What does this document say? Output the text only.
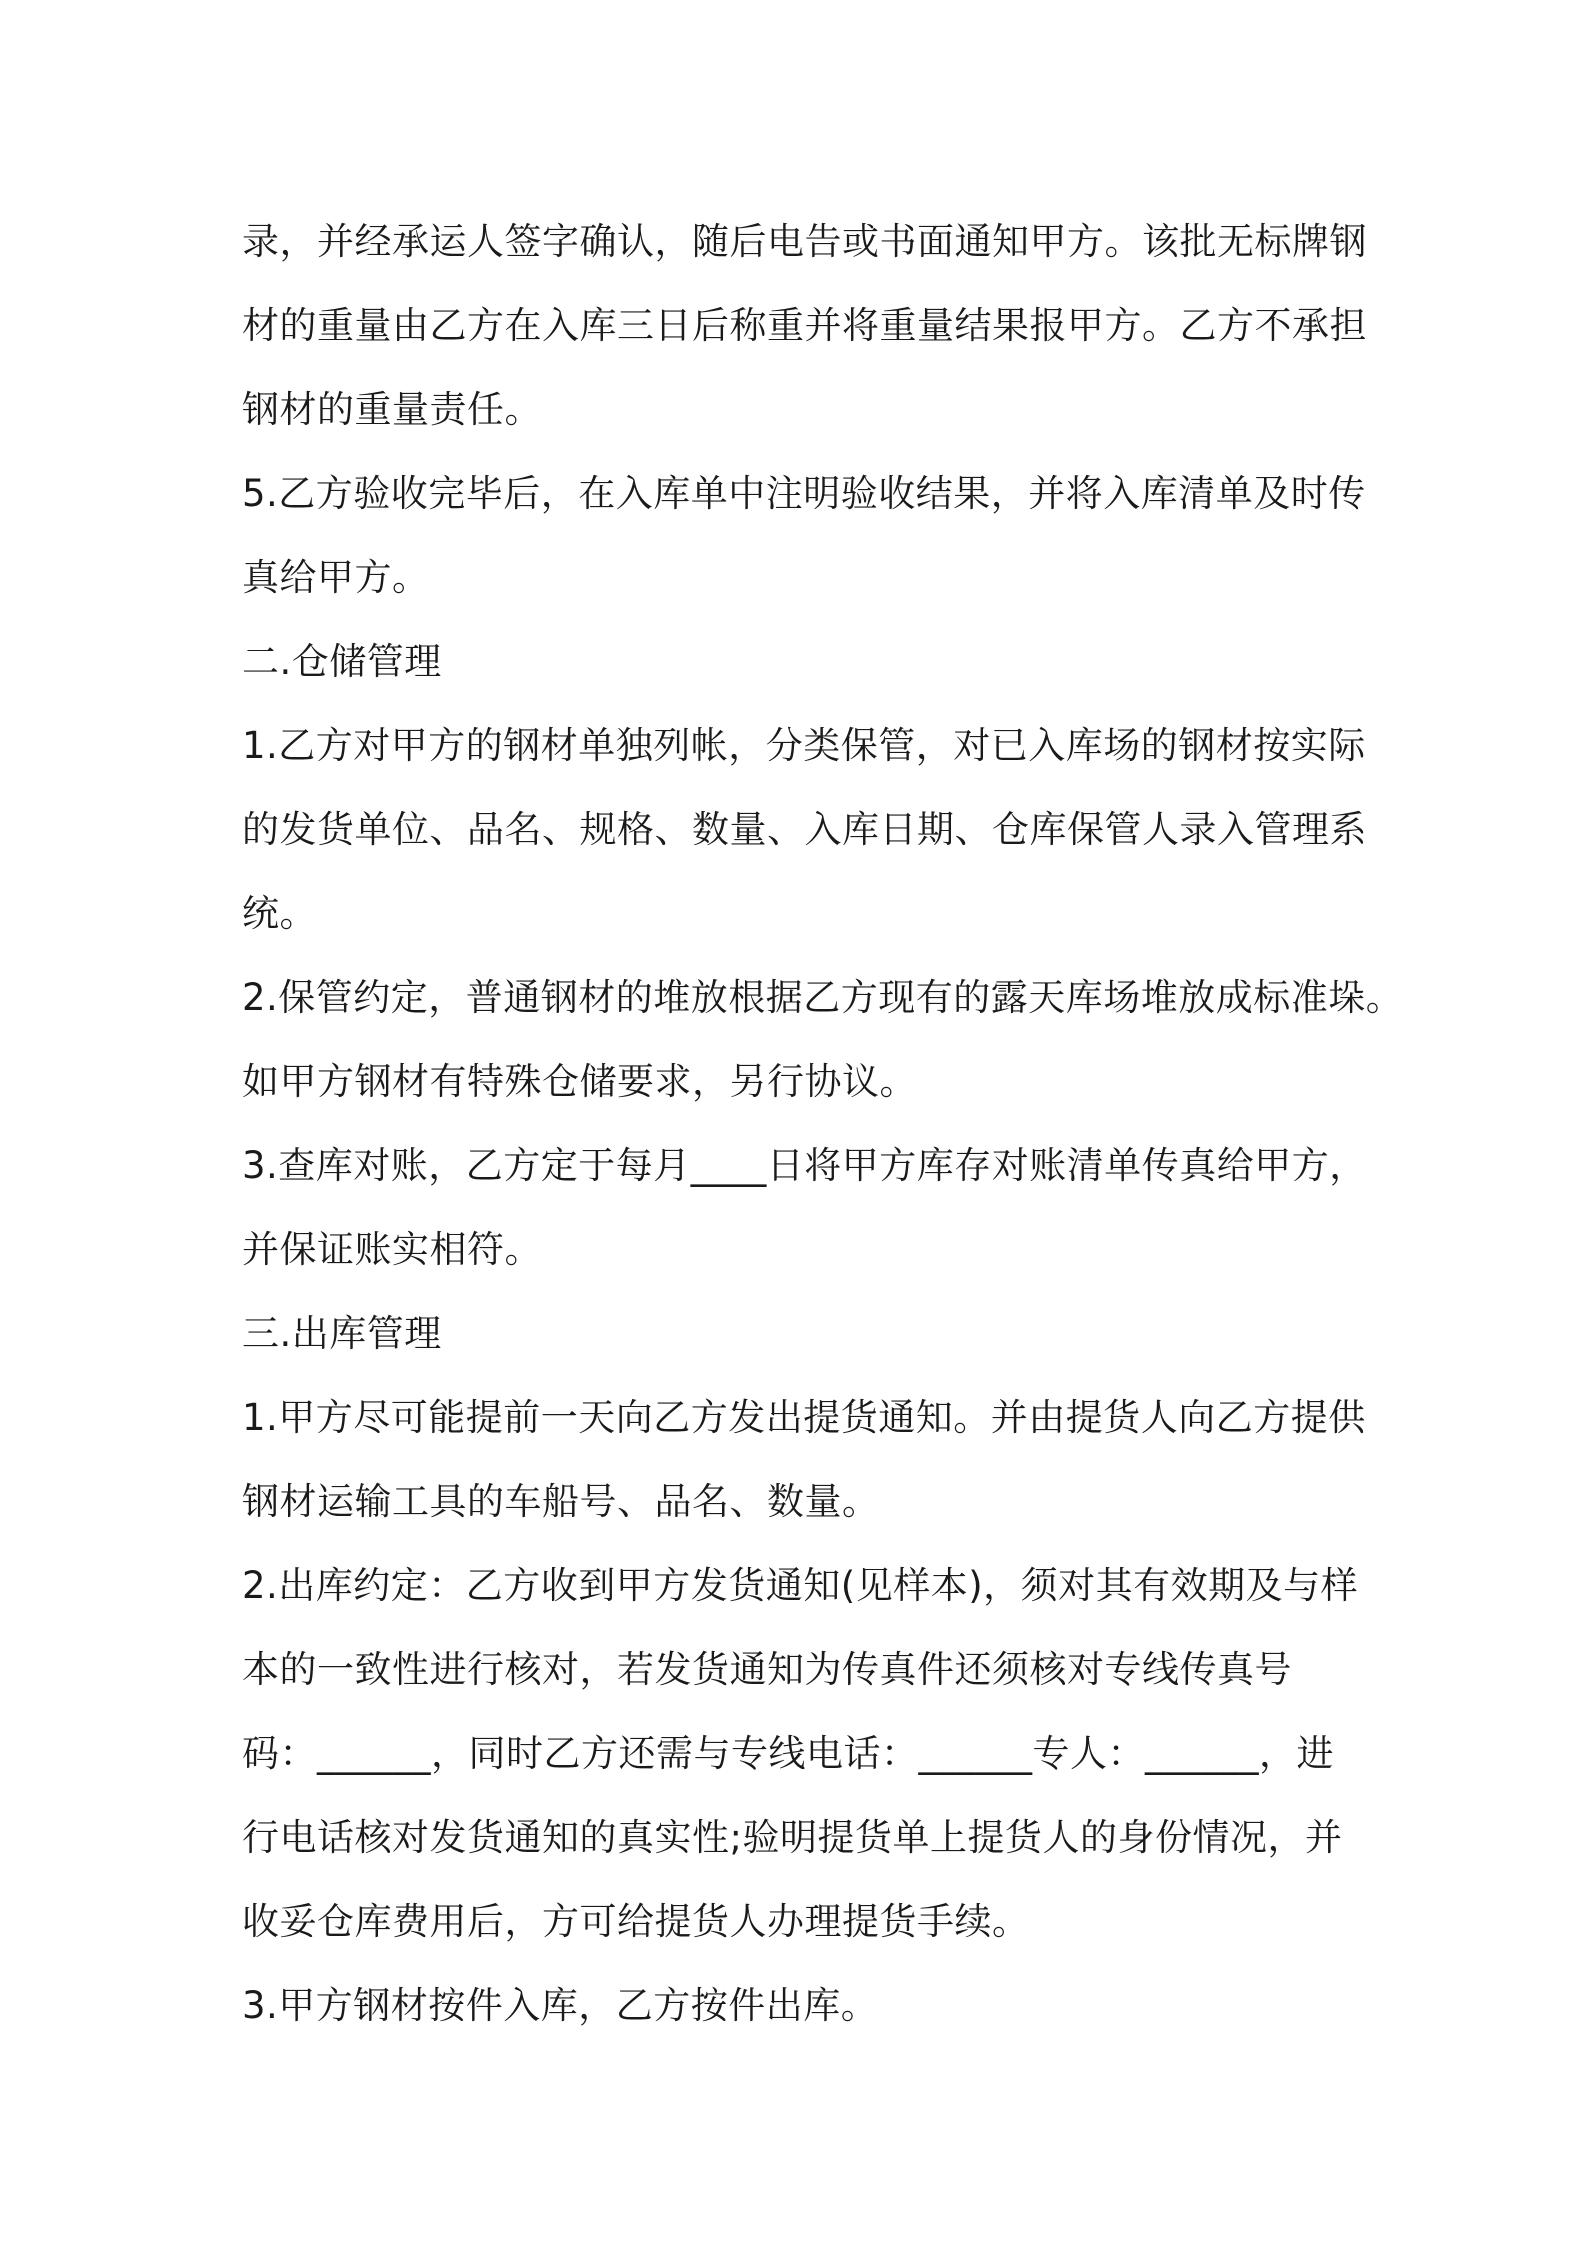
录，并经承运人签字确认，随后电告或书面通知甲方。该批无标牌钢
材的重量由乙方在入库三日后称重并将重量结果报甲方。乙方不承担
钢材的重量责任。
5.乙方验收完毕后，在入库单中注明验收结果，并将入库清单及时传
真给甲方。
二.仓储管理
1.乙方对甲方的钢材单独列帐，分类保管，对已入库场的钢材按实际
的发货单位、品名、规格、数量、入库日期、仓库保管人录入管理系
统。
2.保管约定，普通钢材的堆放根据乙方现有的露天库场堆放成标准垛。
如甲方钢材有特殊仓储要求，另行协议。
3.查库对账，乙方定于每月____日将甲方库存对账清单传真给甲方，
并保证账实相符。
三.出库管理
1.甲方尽可能提前一天向乙方发出提货通知。并由提货人向乙方提供
钢材运输工具的车船号、品名、数量。
2.出库约定：乙方收到甲方发货通知(见样本)，须对其有效期及与样
本的一致性进行核对，若发货通知为传真件还须核对专线传真号
码：______，同时乙方还需与专线电话：______专人：______，进
行电话核对发货通知的真实性;验明提货单上提货人的身份情况，并
收妥仓库费用后，方可给提货人办理提货手续。
3.甲方钢材按件入库，乙方按件出库。
